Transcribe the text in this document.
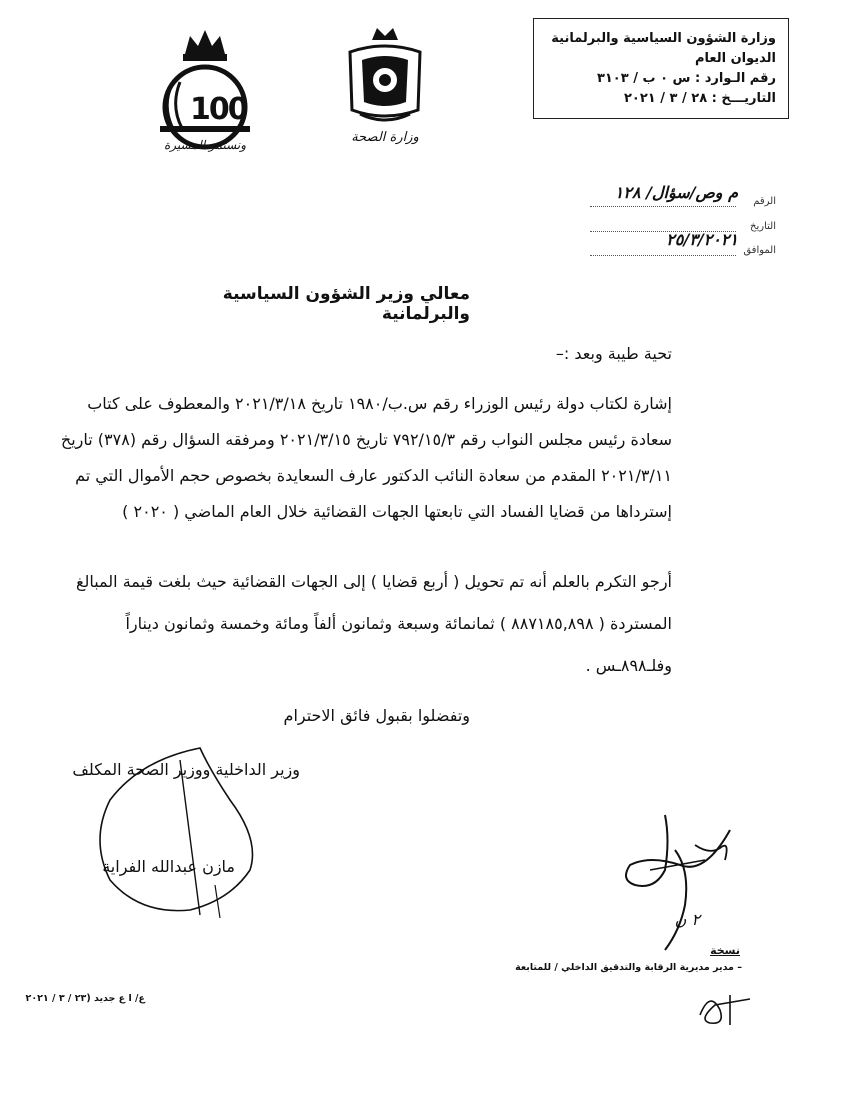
100
ونستمر المسيرة	وزارة الصحة
وزارة الشؤون السياسية والبرلمانية
الديوان العام
رقم الـوارد : س ٠ ب / ٣١٠٣
التاريـــخ : ٢٨ / ٣ / ٢٠٢١
الرقم
م وص/سؤال/ ١٢٨
التاريخ
الموافق
٢٥/٣/٢٠٢١
معالي وزير الشؤون السياسية والبرلمانية
تحية طيبة وبعد :–
إشارة لكتاب دولة رئيس الوزراء رقم س.ب/١٩٨٠ تاريخ ٢٠٢١/٣/١٨ والمعطوف على كتاب
سعادة رئيس مجلس النواب رقم ٧٩٢/١٥/٣ تاريخ ٢٠٢١/٣/١٥ ومرفقه السؤال رقم (٣٧٨) تاريخ
٢٠٢١/٣/١١ المقدم من سعادة النائب الدكتور عارف السعايدة بخصوص حجم الأموال التي تم
إسترداها من قضايا الفساد التي تابعتها الجهات القضائية خلال العام الماضي ( ٢٠٢٠ )
أرجو التكرم بالعلم أنه تم تحويل ( أربع قضايا ) إلى الجهات القضائية حيث بلغت قيمة المبالغ
المستردة ( ٨٨٧١٨٥,٨٩٨ ) ثمانمائة وسبعة وثمانون ألفاً ومائة وخمسة وثمانون ديناراً
وفلـ٨٩٨ـس .
وتفضلوا بقبول فائق الاحترام
وزير الداخلية ووزير الصحة المكلف
مازن عبدالله الفراية
٢ ن
نسخة
– مدير مديرية الرقابة والتدقيق الداخلي / للمتابعة
ع/ ا ع جديد (٢٣ / ٣ / ٢٠٢١
